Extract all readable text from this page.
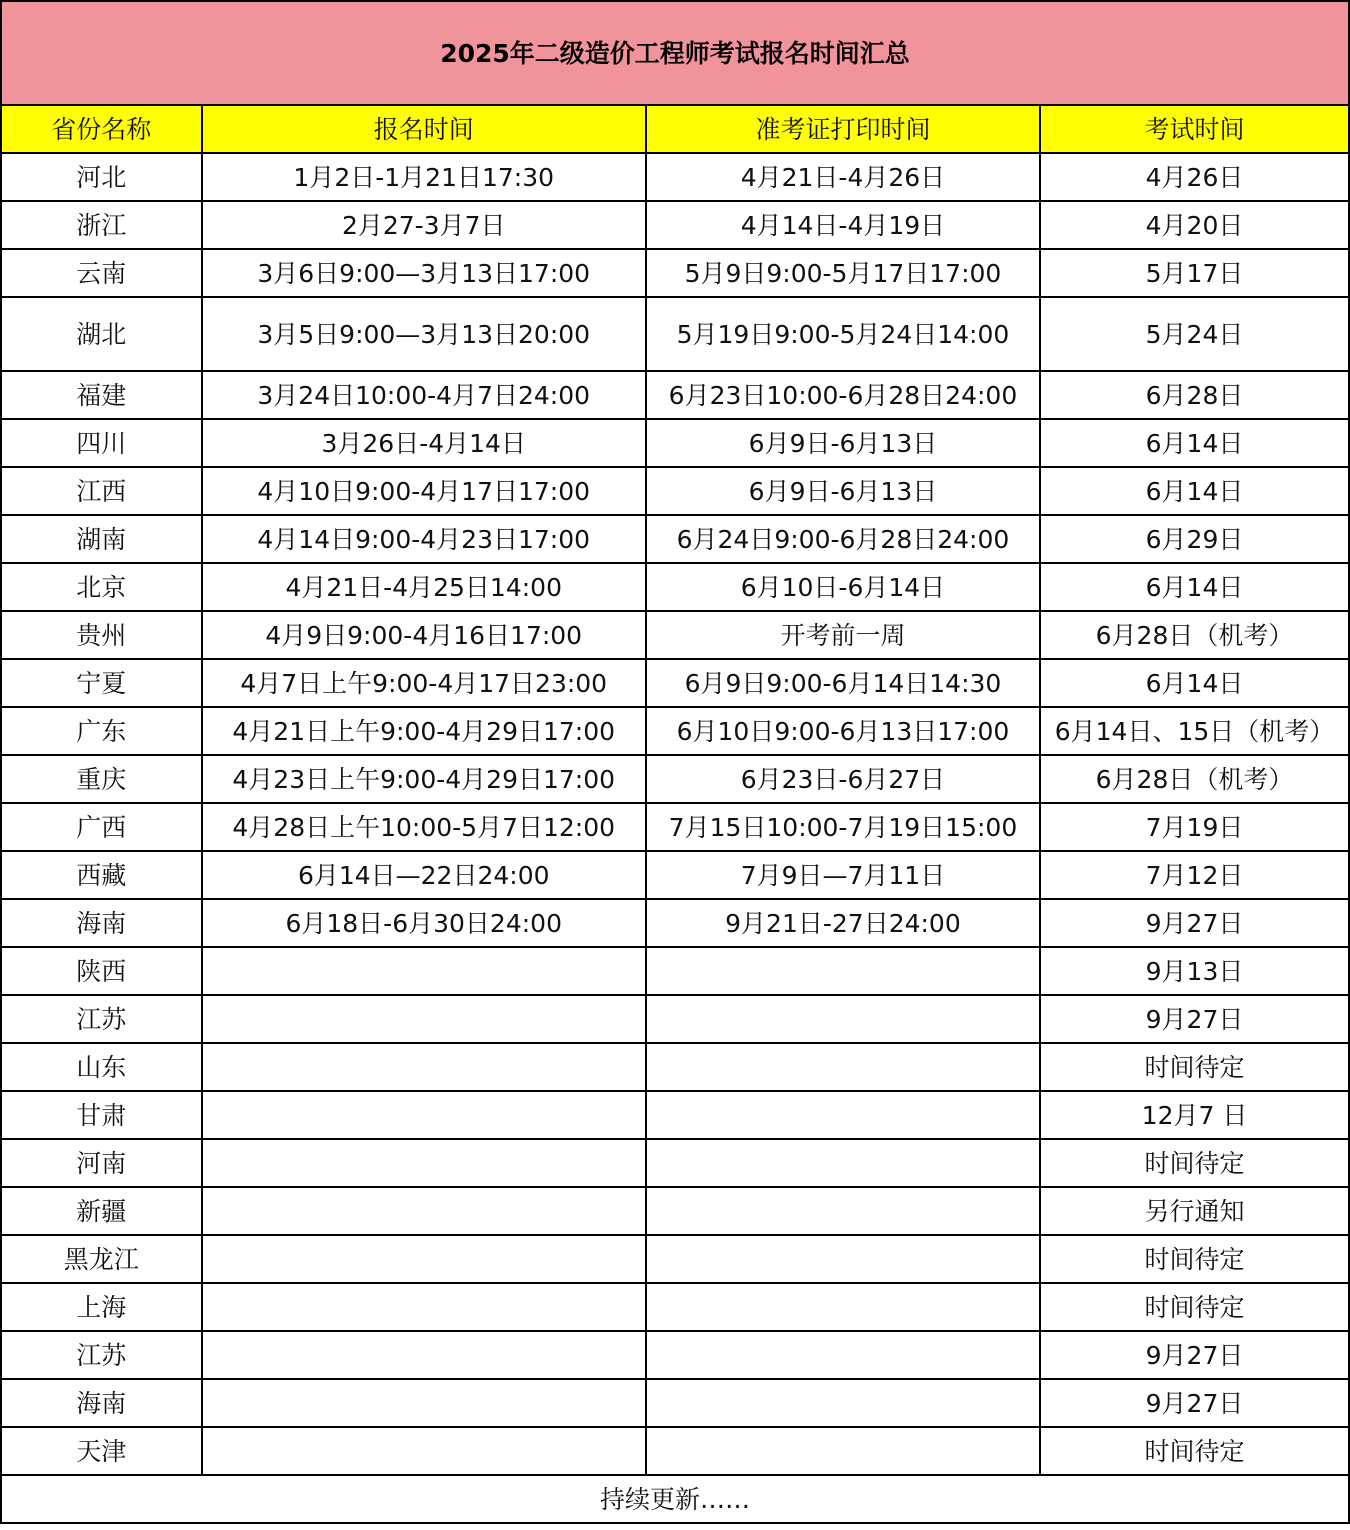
2025年二级造价工程师考试报名时间汇总			
省份名称	报名时间	准考证打印时间	考试时间
河北	1月2日-1月21日17:30	4月21日-4月26日	4月26日
浙江	2月27-3月7日	4月14日-4月19日	4月20日
云南	3月6日9:00—3月13日17:00	5月9日9:00-5月17日17:00	5月17日
湖北	3月5日9:00—3月13日20:00	5月19日9:00-5月24日14:00	5月24日
福建	3月24日10:00-4月7日24:00	6月23日10:00-6月28日24:00	6月28日
四川	3月26日-4月14日	6月9日-6月13日	6月14日
江西	4月10日9:00-4月17日17:00	6月9日-6月13日	6月14日
湖南	4月14日9:00-4月23日17:00	6月24日9:00-6月28日24:00	6月29日
北京	4月21日-4月25日14:00	6月10日-6月14日	6月14日
贵州	4月9日9:00-4月16日17:00	开考前一周	6月28日（机考）
宁夏	4月7日上午9:00-4月17日23:00	6月9日9:00-6月14日14:30	6月14日
广东	4月21日上午9:00-4月29日17:00	6月10日9:00-6月13日17:00	6月14日、15日（机考）
重庆	4月23日上午9:00-4月29日17:00	6月23日-6月27日	6月28日（机考）
广西	4月28日上午10:00-5月7日12:00	7月15日10:00-7月19日15:00	7月19日
西藏	6月14日—22日24:00	7月9日—7月11日	7月12日
海南	6月18日-6月30日24:00	9月21日-27日24:00	9月27日
陕西			9月13日
江苏			9月27日
山东			时间待定
甘肃			12月7 日
河南			时间待定
新疆			另行通知
黑龙江			时间待定
上海			时间待定
江苏			9月27日
海南			9月27日
天津			时间待定
持续更新……			
